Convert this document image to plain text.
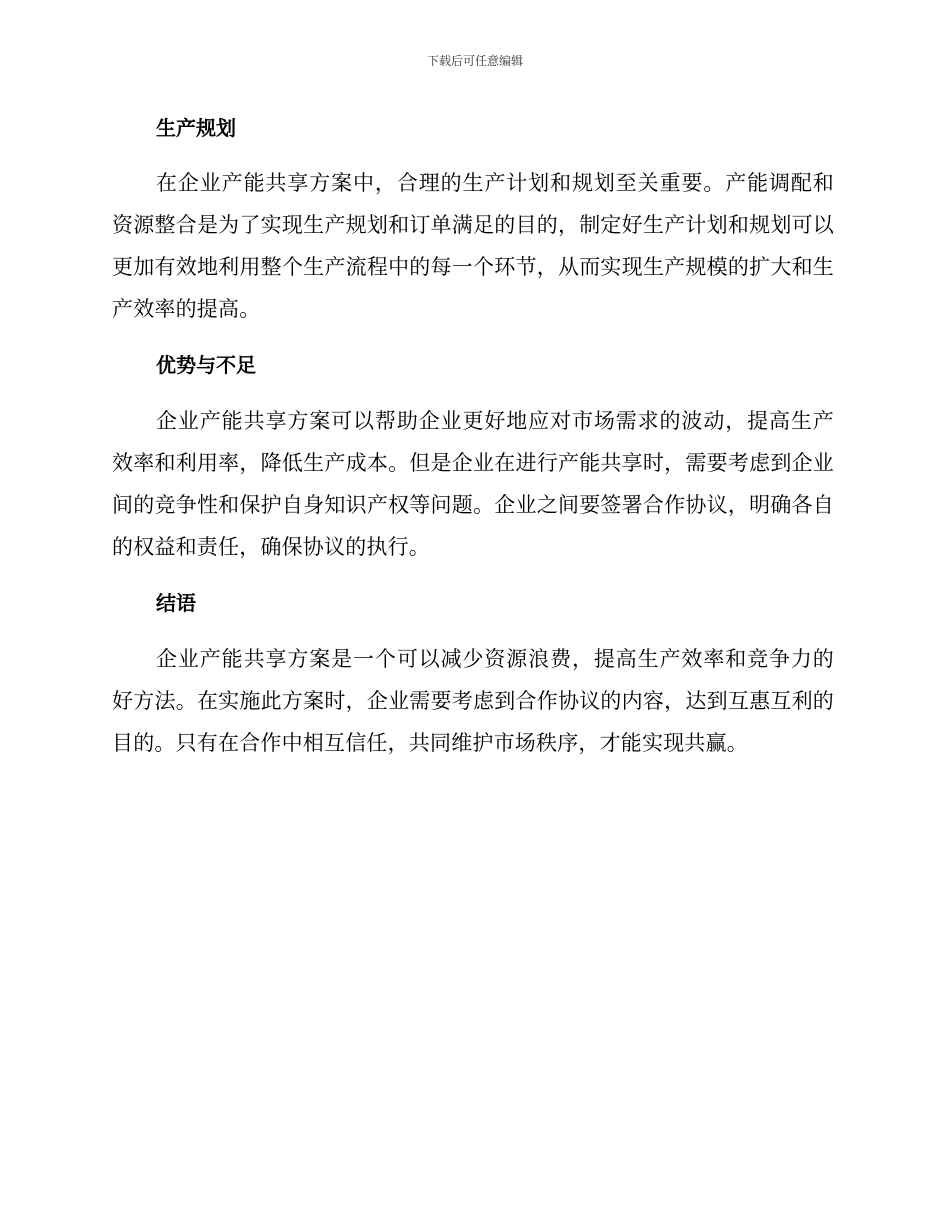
下载后可任意编辑
生产规划

在企业产能共享方案中，合理的生产计划和规划至关重要。产能调配和资源整合是为了实现生产规划和订单满足的目的，制定好生产计划和规划可以更加有效地利用整个生产流程中的每一个环节，从而实现生产规模的扩大和生产效率的提高。

优势与不足

企业产能共享方案可以帮助企业更好地应对市场需求的波动，提高生产效率和利用率，降低生产成本。但是企业在进行产能共享时，需要考虑到企业间的竞争性和保护自身知识产权等问题。企业之间要签署合作协议，明确各自的权益和责任，确保协议的执行。

结语

企业产能共享方案是一个可以减少资源浪费，提高生产效率和竞争力的好方法。在实施此方案时，企业需要考虑到合作协议的内容，达到互惠互利的目的。只有在合作中相互信任，共同维护市场秩序，才能实现共赢。
